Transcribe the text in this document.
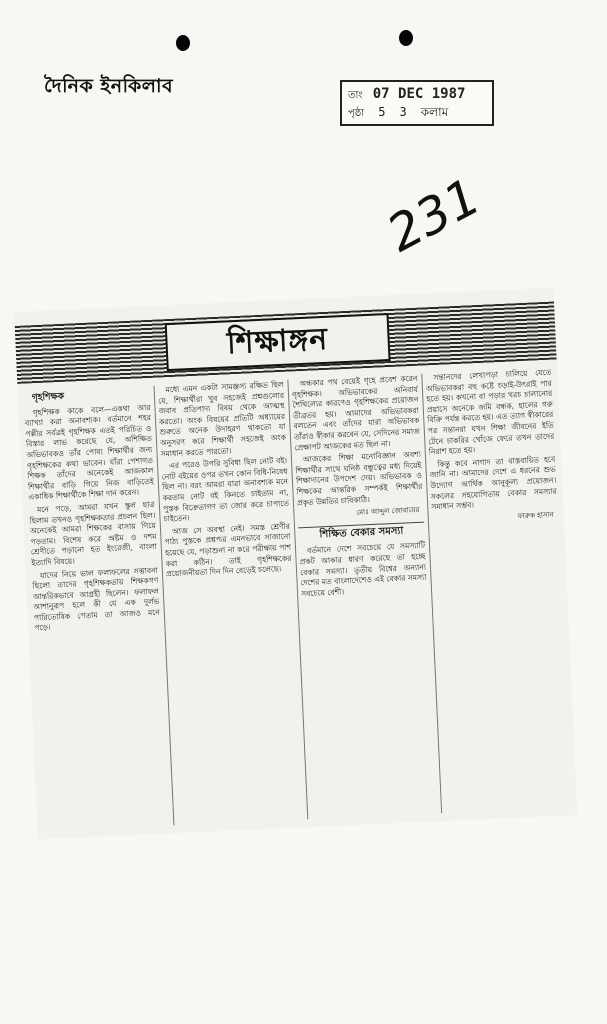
দৈনিক ইনকিলাব	তাং 07 DEC 1987
পৃষ্ঠা 5 3 কলাম
231
শিক্ষাঙ্গন
গৃহশিক্ষক
গৃহশিক্ষক কাকে বলে—একথা আর ব্যাখ্যা করা অনাবশ্যক। বর্তমানে শহর পল্লীর সর্বত্রই গৃহশিক্ষক এতই পরিচিত ও বিস্তার লাভ করেছে যে, অশিক্ষিত অভিভাবকও তাঁর পোষ্য শিক্ষার্থীর জন্য গৃহশিক্ষকের কথা ভাবেন। যাঁরা পেশাগত শিক্ষক তাঁদের অনেকেই আজকাল শিক্ষার্থীর বাড়ি গিয়ে নিজ বাড়িতেই একাধিক শিক্ষার্থীকে শিক্ষা দান করেন।
মনে পড়ে, আমরা যখন স্কুল ছাত্র ছিলাম তখনও গৃহশিক্ষকতার প্রচলন ছিল। অনেকেই আমরা শিক্ষকের বাসায় গিয়ে পড়তাম। বিশেষ করে অষ্টম ও দশম শ্রেণীতে পড়ানো হত ইংরেজী, বাংলা ইত্যাদি বিষয়ে।
যাদের নিয়ে ভাল ফলাফলের সম্ভাবনা ছিলো তাদের গৃহশিক্ষকতায় শিক্ষকগণ আন্তরিকভাবে আগ্রহী ছিলেন। ফলাফল আশানুরূপ হলে কী যে এক দুর্লভ পারিতোষিক পেতাম তা আজও মনে পড়ে।
মধ্যে এমন একটা সামঞ্জস্য রক্ষিত ছিল যে, শিক্ষার্থীরা খুব সহজেই প্রশ্নগুলোর জবাব প্রতিপাদ্য বিষয় থেকে আত্মস্থ করতো। অংক বিষয়ের প্রতিটি অধ্যায়ের শুরুতে অনেক উদাহরণ থাকতো যা অনুসরণ করে শিক্ষার্থী সহজেই অংক সমাধান করতে পারতো।
এর পরেও উপরি সুবিধা ছিল নোট বই। নোট বইয়ের ওপর তখন কোন বিধি-নিষেধ ছিল না। বরং আমরা যারা অনাবশ্যক মনে করতাম নোট বই কিনতে চাইতাম না, পুস্তক বিক্রেতাগণ তা জোর করে চাপাতে চাইতেন।
আজ সে অবস্থা নেই। সমস্ত শ্রেণীর পাঠ্য পুস্তকে প্রশ্নপত্র এমনভাবে সাজানো হয়েছে যে, পড়াশুনা না করে পরীক্ষায় পাশ করা কঠিন। তাই গৃহশিক্ষকের প্রয়োজনীয়তা দিন দিন বেড়েই চলেছে।
অন্ধকার পথ বেয়েই গৃহে প্রবেশ করেন গৃহশিক্ষক। অভিভাবকের অনিবার্য শৈথিল্যের কারণেও গৃহশিক্ষকের প্রয়োজন তীব্রতর হয়। আমাদের অভিভাবকরা বলতেন এবং তাঁদের যারা অভিভাবক তাঁরাও স্বীকার করবেন যে, সেদিনের সমাজ প্রেক্ষাপট আজকের মত ছিল না।
আজকের শিক্ষা মনোবিজ্ঞান অবশ্য শিক্ষার্থীর সাথে ঘনিষ্ঠ বন্ধুত্বের মধ্য দিয়েই শিক্ষাদানের উপদেশ দেয়। অভিভাবক ও শিক্ষকের আন্তরিক সম্পর্কই শিক্ষার্থীর প্রকৃত উন্নতির চাবিকাঠি।
মোঃ আব্দুল জোবায়ের
শিক্ষিত বেকার সমস্যা
বর্তমানে দেশে সবচেয়ে যে সমস্যাটি প্রকট আকার ধারণ করেছে তা হচ্ছে বেকার সমস্যা। তৃতীয় বিশ্বের অন্যান্য দেশের মত বাংলাদেশেও এই বেকার সমস্যা সবচেয়ে বেশী।
সন্তানদের লেখাপড়া চালিয়ে যেতে অভিভাবকরা বহু কষ্টে চড়াই-উৎরাই পার হতে হয়। কখনো বা পড়ার খরচ চালানোর প্রয়াসে অনেকে জমি বন্ধক, হালের গরু বিক্রি পর্যন্ত করতে হয়। এত ত্যাগ স্বীকারের পর সন্তানরা যখন শিক্ষা জীবনের ইতি টেনে চাকরির খোঁজে ফেরে তখন তাদের নিরাশ হতে হয়।
কিন্তু কবে নাগাদ তা বাস্তবায়িত হবে জানি না। আমাদের দেশে এ ধরনের শুভ উদ্যোগ আর্থিক আনুকূল্য প্রয়োজন। সকলের সহযোগিতায় বেকার সমস্যার সমাধান সম্ভব।
ফারুক হাসান
